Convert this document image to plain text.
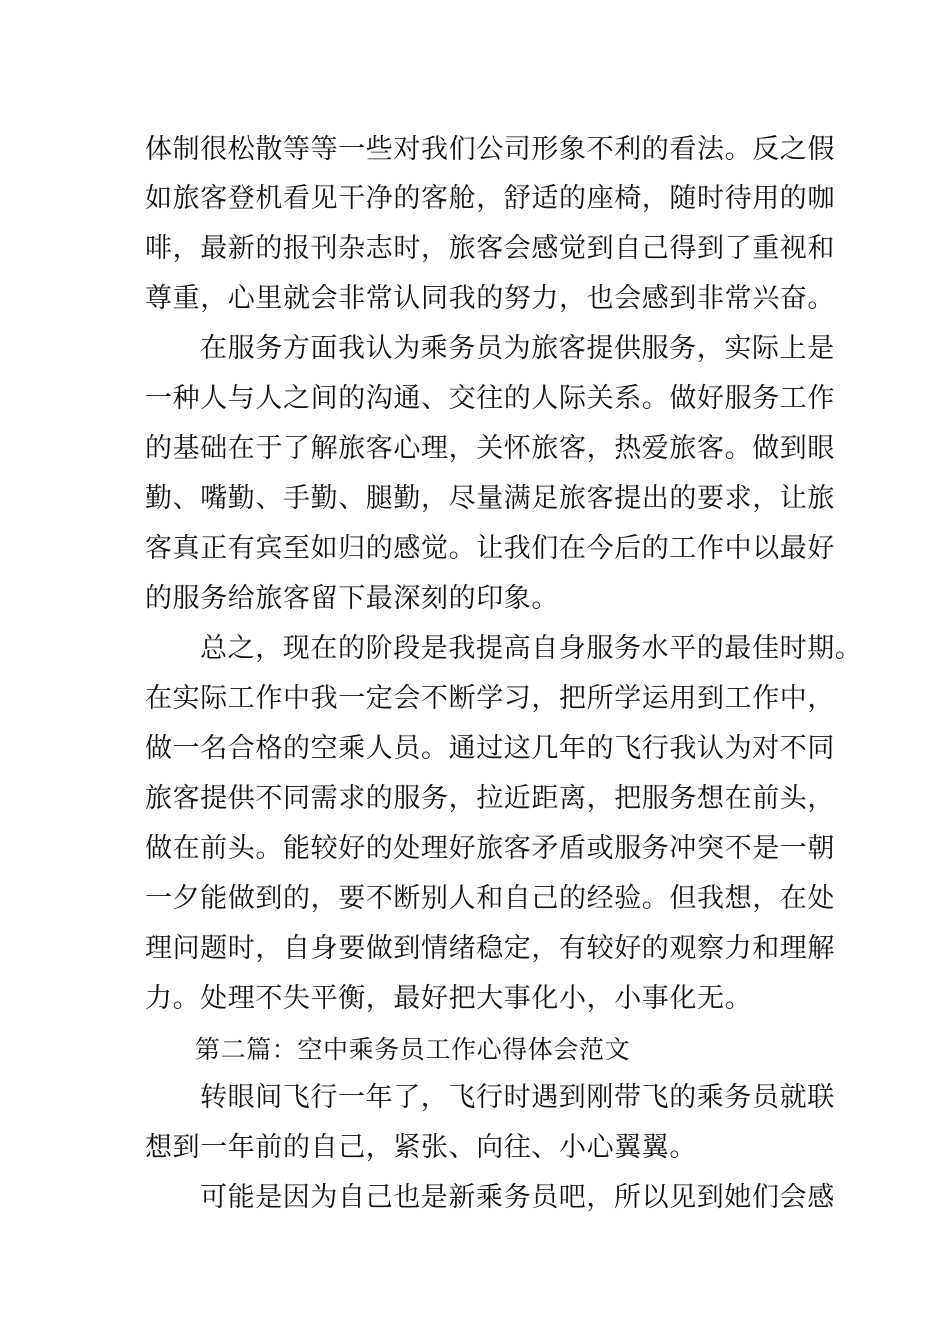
体制很松散等等一些对我们公司形象不利的看法。反之假
如旅客登机看见干净的客舱，舒适的座椅，随时待用的咖
啡，最新的报刊杂志时，旅客会感觉到自己得到了重视和
尊重，心里就会非常认同我的努力，也会感到非常兴奋。
在服务方面我认为乘务员为旅客提供服务，实际上是
一种人与人之间的沟通、交往的人际关系。做好服务工作
的基础在于了解旅客心理，关怀旅客，热爱旅客。做到眼
勤、嘴勤、手勤、腿勤，尽量满足旅客提出的要求，让旅
客真正有宾至如归的感觉。让我们在今后的工作中以最好
的服务给旅客留下最深刻的印象。
总之，现在的阶段是我提高自身服务水平的最佳时期。
在实际工作中我一定会不断学习，把所学运用到工作中，
做一名合格的空乘人员。通过这几年的飞行我认为对不同
旅客提供不同需求的服务，拉近距离，把服务想在前头，
做在前头。能较好的处理好旅客矛盾或服务冲突不是一朝
一夕能做到的，要不断别人和自己的经验。但我想，在处
理问题时，自身要做到情绪稳定，有较好的观察力和理解
力。处理不失平衡，最好把大事化小，小事化无。
第二篇：空中乘务员工作心得体会范文
转眼间飞行一年了，飞行时遇到刚带飞的乘务员就联
想到一年前的自己，紧张、向往、小心翼翼。
可能是因为自己也是新乘务员吧，所以见到她们会感
